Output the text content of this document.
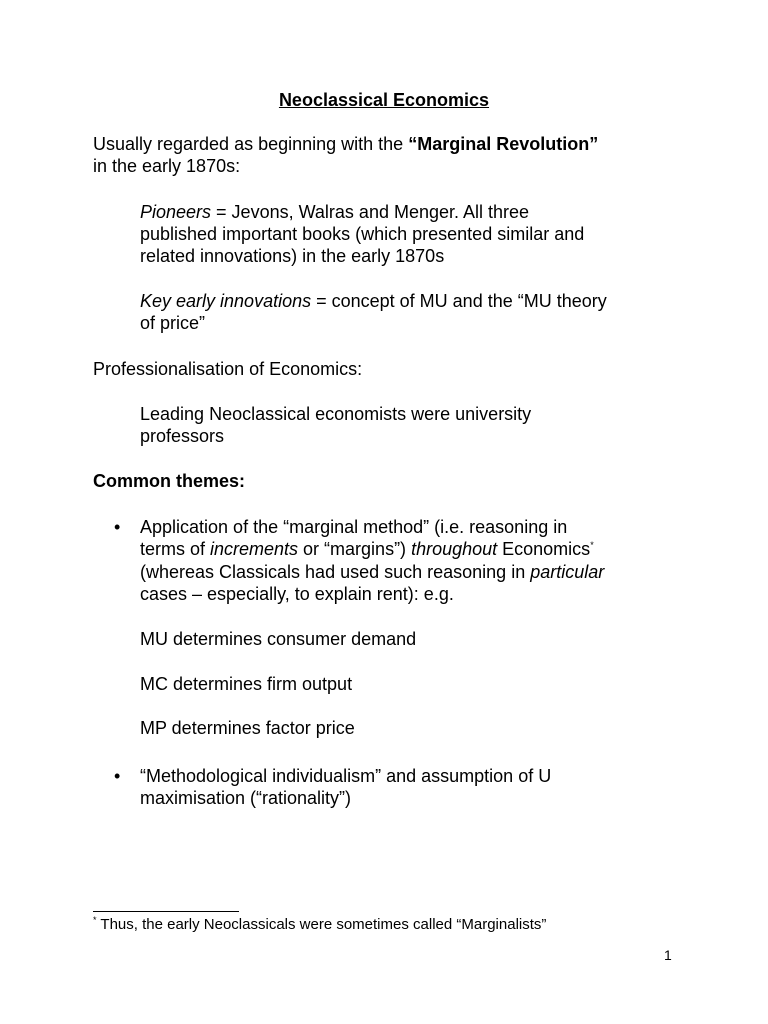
Neoclassical Economics
Usually regarded as beginning with the “Marginal Revolution”
in the early 1870s:
Pioneers = Jevons, Walras and Menger. All three
published important books (which presented similar and
related innovations) in the early 1870s
Key early innovations = concept of MU and the “MU theory
of price”
Professionalisation of Economics:
Leading Neoclassical economists were university
professors
Common themes:
• Application of the “marginal method” (i.e. reasoning in
terms of increments or “margins”) throughout Economics*
(whereas Classicals had used such reasoning in particular
cases – especially, to explain rent): e.g.
MU determines consumer demand
MC determines firm output
MP determines factor price
• “Methodological individualism” and assumption of U
maximisation (“rationality”)
* Thus, the early Neoclassicals were sometimes called “Marginalists”
1
